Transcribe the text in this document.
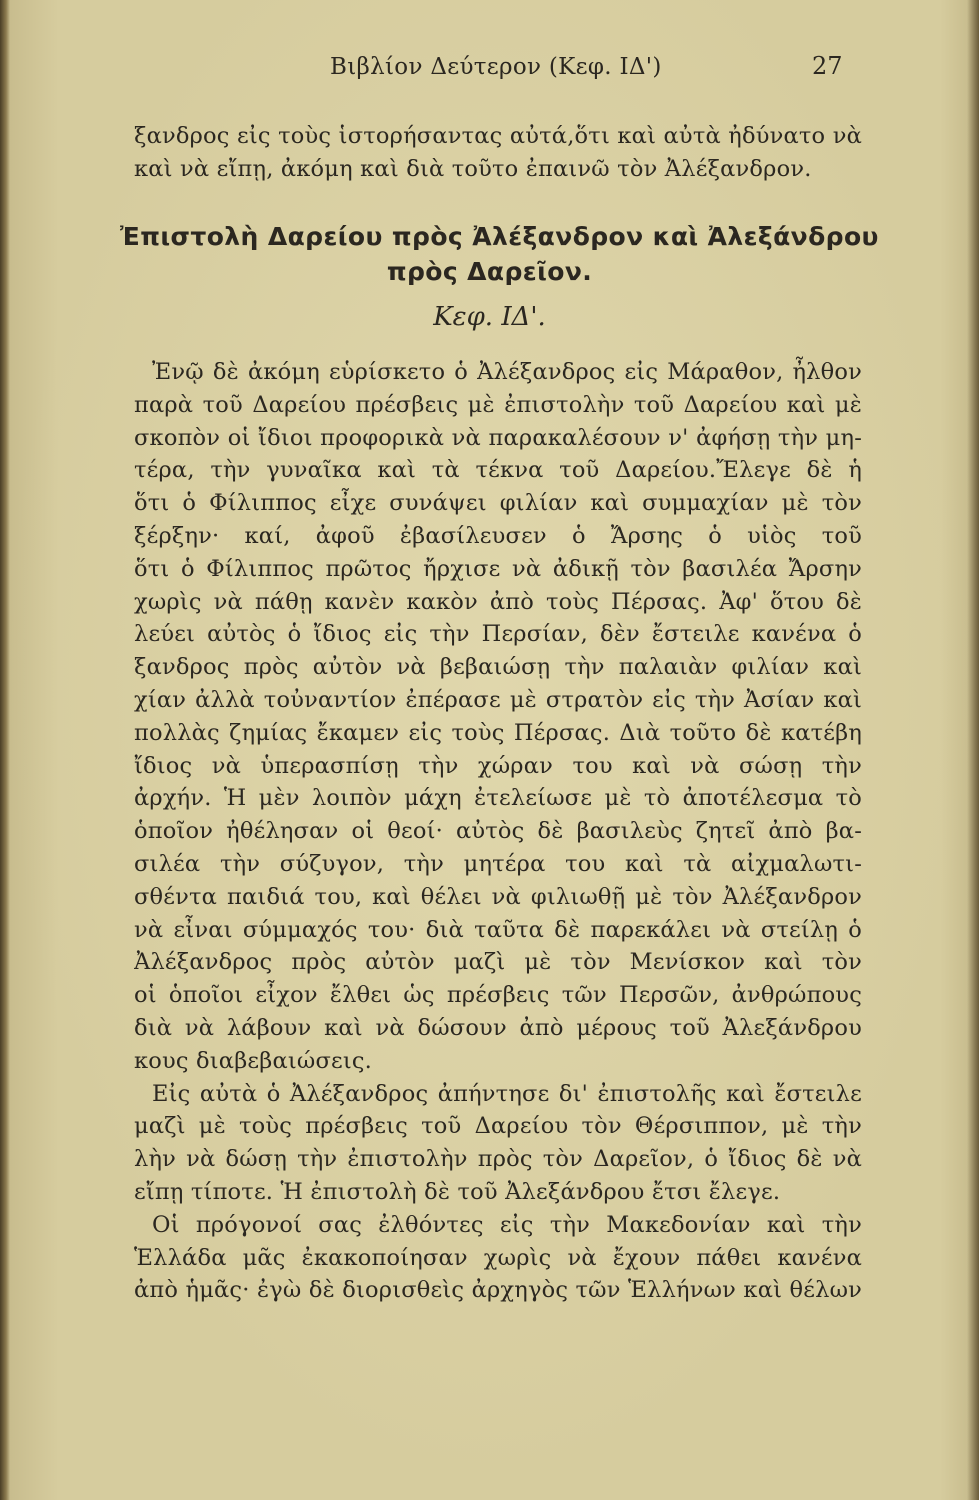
Βιβλίον Δεύτερον (Κεφ. ΙΔ')	27
ξανδρος εἰς τοὺς ἱστορήσαντας αὐτά,ὅτι καὶ αὐτὰ ἠδύνατο νὰ
καὶ νὰ εἴπῃ, ἀκόμη καὶ διὰ τοῦτο ἐπαινῶ τὸν Ἀλέξανδρον.
Ἐπιστολὴ Δαρείου πρὸς Ἀλέξανδρον καὶ Ἀλεξάνδρου
πρὸς Δαρεῖον.
Κεφ. ΙΔ'.
Ἐνῷ δὲ ἀκόμη εὑρίσκετο ὁ Ἀλέξανδρος εἰς Μάραθον, ἦλθον
παρὰ τοῦ Δαρείου πρέσβεις μὲ ἐπιστολὴν τοῦ Δαρείου καὶ μὲ
σκοπὸν οἱ ἴδιοι προφορικὰ νὰ παρακαλέσουν ν' ἀφήσῃ τὴν μη-
τέρα, τὴν γυναῖκα καὶ τὰ τέκνα τοῦ Δαρείου.Ἔλεγε δὲ ἡ
ὅτι ὁ Φίλιππος εἶχε συνάψει φιλίαν καὶ συμμαχίαν μὲ τὸν
ξέρξην· καί, ἀφοῦ ἐβασίλευσεν ὁ Ἄρσης ὁ υἱὸς τοῦ
ὅτι ὁ Φίλιππος πρῶτος ἤρχισε νὰ ἀδικῇ τὸν βασιλέα Ἄρσην
χωρὶς νὰ πάθῃ κανὲν κακὸν ἀπὸ τοὺς Πέρσας. Ἀφ' ὅτου δὲ
λεύει αὐτὸς ὁ ἴδιος εἰς τὴν Περσίαν, δὲν ἔστειλε κανένα ὁ
ξανδρος πρὸς αὐτὸν νὰ βεβαιώσῃ τὴν παλαιὰν φιλίαν καὶ
χίαν ἀλλὰ τοὐναντίον ἐπέρασε μὲ στρατὸν εἰς τὴν Ἀσίαν καὶ
πολλὰς ζημίας ἔκαμεν εἰς τοὺς Πέρσας. Διὰ τοῦτο δὲ κατέβη
ἴδιος νὰ ὑπερασπίσῃ τὴν χώραν του καὶ νὰ σώσῃ τὴν
ἀρχήν. Ἡ μὲν λοιπὸν μάχη ἐτελείωσε μὲ τὸ ἀποτέλεσμα τὸ
ὁποῖον ἠθέλησαν οἱ θεοί· αὐτὸς δὲ βασιλεὺς ζητεῖ ἀπὸ βα-
σιλέα τὴν σύζυγον, τὴν μητέρα του καὶ τὰ αἰχμαλωτι-
σθέντα παιδιά του, καὶ θέλει νὰ φιλιωθῇ μὲ τὸν Ἀλέξανδρον
νὰ εἶναι σύμμαχός του· διὰ ταῦτα δὲ παρεκάλει νὰ στείλῃ ὁ
Ἀλέξανδρος πρὸς αὐτὸν μαζὶ μὲ τὸν Μενίσκον καὶ τὸν
οἱ ὁποῖοι εἶχον ἔλθει ὡς πρέσβεις τῶν Περσῶν, ἀνθρώπους
διὰ νὰ λάβουν καὶ νὰ δώσουν ἀπὸ μέρους τοῦ Ἀλεξάνδρου
κους διαβεβαιώσεις.
Εἰς αὐτὰ ὁ Ἀλέξανδρος ἀπήντησε δι' ἐπιστολῆς καὶ ἔστειλε
μαζὶ μὲ τοὺς πρέσβεις τοῦ Δαρείου τὸν Θέρσιππον, μὲ τὴν
λὴν νὰ δώσῃ τὴν ἐπιστολὴν πρὸς τὸν Δαρεῖον, ὁ ἴδιος δὲ νὰ
εἴπῃ τίποτε. Ἡ ἐπιστολὴ δὲ τοῦ Ἀλεξάνδρου ἔτσι ἔλεγε.
Οἱ πρόγονοί σας ἐλθόντες εἰς τὴν Μακεδονίαν καὶ τὴν
Ἑλλάδα μᾶς ἐκακοποίησαν χωρὶς νὰ ἔχουν πάθει κανένα
ἀπὸ ἡμᾶς· ἐγὼ δὲ διορισθεὶς ἀρχηγὸς τῶν Ἑλλήνων καὶ θέλων
